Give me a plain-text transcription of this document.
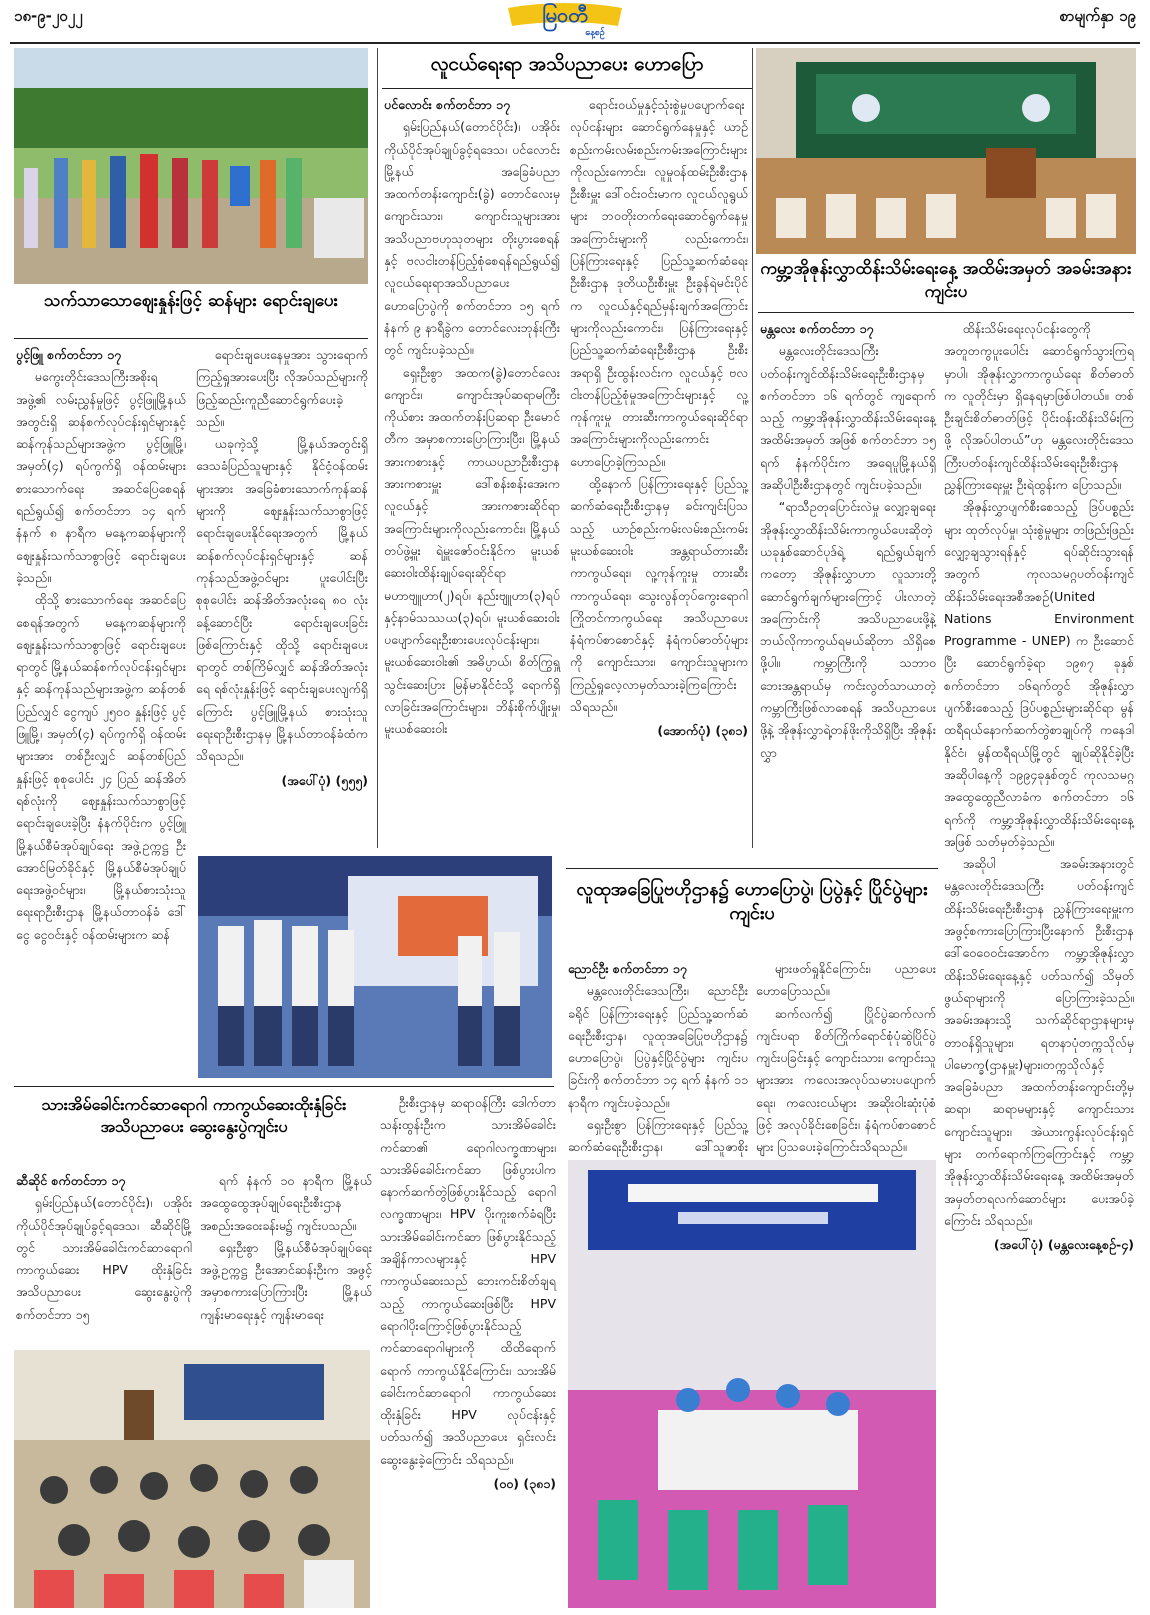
၁၈-၉-၂၀၂၂	မြဝတီ
နေ့စဉ်
စာမျက်နှာ ၁၉
သက်သာသောဈေးနှုန်းဖြင့် ဆန်များ ရောင်းချပေး

ပွင့်ဖြူ စက်တင်ဘာ ၁၇

မကွေးတိုင်းဒေသကြီးအစိုးရ အဖွဲ့၏ လမ်းညွှန်မှုဖြင့် ပွင့်ဖြူမြို့နယ်အတွင်းရှိ ဆန်စက်လုပ်ငန်းရှင်များနှင့် ဆန်ကုန်သည်များအဖွဲ့က ပွင့်ဖြူမြို့၊ အမှတ်(၄) ရပ်ကွက်ရှိ ဝန်ထမ်းများ စားသောက်ရေး အဆင်ပြေစေရန် ရည်ရွယ်၍ စက်တင်ဘာ ၁၄ ရက် နံနက် ၈ နာရီက မနေ့ကဆန်များကို ဈေးနှုန်းသက်သာစွာဖြင့် ရောင်းချပေးခဲ့သည်။

ထိုသို့ စားသောက်ရေး အဆင်ပြေစေရန်အတွက် မနေ့ကဆန်များကို ဈေးနှုန်းသက်သာစွာဖြင့် ရောင်းချပေးရာတွင် မြို့နယ်ဆန်စက်လုပ်ငန်းရှင်များနှင့် ဆန်ကုန်သည်များအဖွဲ့က ဆန်တစ်ပြည်လျှင် ငွေကျပ် ၂၅၀၀ နှုန်းဖြင့် ပွင့်ဖြူမြို့၊ အမှတ်(၄) ရပ်ကွက်ရှိ ဝန်ထမ်းများအား တစ်ဦးလျှင် ဆန်တစ်ပြည်နှုန်းဖြင့် စုစုပေါင်း ၂၄ ပြည် ဆန်အိတ် ရစ်လုံးကို ဈေးနှုန်းသက်သာစွာဖြင့် ရောင်းချပေးခဲ့ပြီး နံနက်ပိုင်းက ပွင့်ဖြူမြို့နယ်စီမံအုပ်ချုပ်ရေး အဖွဲ့ဥက္ကဋ္ဌ ဦးအောင်မြတ်ခိုင်နှင့် မြို့နယ်စီမံအုပ်ချုပ်ရေးအဖွဲ့ဝင်များ၊ မြို့နယ်စားသုံးသူရေးရာဦးစီးဌာန မြို့နယ်တာဝန်ခံ ဒေါ်ငွေ ငွေဝင်းနှင့် ဝန်ထမ်းများက ဆန်

ရောင်းချပေးနေမှုအား သွားရောက်ကြည့်ရှုအားပေးပြီး လိုအပ်သည်များကို ဖြည့်ဆည်းကူညီဆောင်ရွက်ပေးခဲ့သည်။

ယခုကဲ့သို့ မြို့နယ်အတွင်းရှိ ဒေသခံပြည်သူများနှင့် နိုင်ငံ့ဝန်ထမ်းများအား အခြေခံစားသောက်ကုန်ဆန်များကို ဈေးနှုန်းသက်သာစွာဖြင့် ရောင်းချပေးနိုင်ရေးအတွက် မြို့နယ်ဆန်စက်လုပ်ငန်းရှင်များနှင့် ဆန်ကုန်သည်အဖွဲ့ဝင်များ ပူးပေါင်းပြီး စုစုပေါင်း ဆန်အိတ်အလုံးရေ ၈၀ လုံး ခန့်ဆောင်ပြီး ရောင်းချပေးခြင်းဖြစ်ကြောင်းနှင့် ထိုသို့ ရောင်းချပေးရာတွင် တစ်ကြိမ်လျှင် ဆန်အိတ်အလုံးရေ ရစ်လုံးနှုန်းဖြင့် ရောင်းချပေးလျက်ရှိကြောင်း ပွင့်ဖြူမြို့နယ် စားသုံးသူရေးရာဦးစီးဌာနမှ မြို့နယ်တာဝန်ခံထံက သိရသည်။

(အပေါ်ပုံ) (၅၅၅)
လူငယ်ရေးရာ အသိပညာပေး ဟောပြော

ပင်လောင်း စက်တင်ဘာ ၁၇

ရှမ်းပြည်နယ်(တောင်ပိုင်း)၊ ပအိုဝ်းကိုယ်ပိုင်အုပ်ချုပ်ခွင့်ရဒေသ၊ ပင်လောင်းမြို့နယ် အခြေခံပညာ အထက်တန်းကျောင်း(ခွဲ) တောင်လေးမှ ကျောင်းသား၊ ကျောင်းသူများအား အသိပညာဗဟုသုတများ တိုးပွားစေရန်နှင့် ဗလငါးတန်ပြည့်စုံစေရန်ရည်ရွယ်၍ လူငယ်ရေးရာအသိပညာပေး ဟောပြောပွဲကို စက်တင်ဘာ ၁၅ ရက် နံနက် ၉ နာရီခွဲက တောင်လေးဘုန်းကြီးတွင် ကျင်းပခဲ့သည်။

ရှေးဦးစွာ အထက(ခွဲ)တောင်လေးကျောင်း၊ ကျောင်းအုပ်ဆရာမကြီးကိုယ်စား အထက်တန်းပြဆရာ ဦးမောင်တီက အမှာစကားပြောကြားပြီး၊ မြို့နယ်အားကစားနှင့် ကာယပညာဦးစီးဌာန အားကစားမှူး ဒေါ်စန်းစန်းအေးက လူငယ်နှင့် အားကစားဆိုင်ရာ အကြောင်းများကိုလည်းကောင်း၊ မြို့နယ်တပ်ဖွဲ့မှူး ရဲမှူးဇော်ဝင်းနိုင်က မူးယစ်ဆေးဝါးထိန်းချုပ်ရေးဆိုင်ရာ မဟာဗျူဟာ(၂)ရပ်၊ နည်းဗျူဟာ(၃)ရပ်နှင့်နာမ်သဿယ(၃)ရပ်၊ မူးယစ်ဆေးဝါးပပျောက်ရေးဦးစားပေးလုပ်ငန်းများ၊ မူးယစ်ဆေးဝါး၏ အဓိပ္ပာယ်၊ စိတ်ကြွရှူသွင်းဆေးပြား မြန်မာနိုင်ငံသို့ ရောက်ရှိလာခြင်းအကြောင်းများ၊ ဘိန်းစိုက်ပျိုးမှု၊ မူးယစ်ဆေးဝါး

ရောင်းဝယ်မှုနှင့်သုံးစွဲမှုပပျောက်ရေးလုပ်ငန်းများ ဆောင်ရွက်နေမှုနှင့် ယာဉ်စည်းကမ်းလမ်းစည်းကမ်းအကြောင်းများကိုလည်းကောင်း၊ လူမှုဝန်ထမ်းဦးစီးဌာန ဦးစီးမှူး ဒေါ်ဝင်းဝင်းမာက လူငယ်လူရွယ်များ ဘဝတိုးတက်ရေးဆောင်ရွက်နေမှုအကြောင်းများကို လည်းကောင်း၊ ပြန်ကြားရေးနှင့် ပြည်သူ့ဆက်ဆံရေးဦးစီးဌာန ဒုတိယဦးစီးမှူး ဦးခွန်ရဲမင်းပိုင်က လူငယ်နှင့်ရည်မှန်းချက်အကြောင်းများကိုလည်းကောင်း၊ ပြန်ကြားရေးနှင့် ပြည်သူ့ဆက်ဆံရေးဦးစီးဌာန ဦးစီးအရာရှိ ဦးထွန်းလင်းက လူငယ်နှင့် ဗလငါးတန်ပြည့်စုံမှုအကြောင်းများနှင့် လူ့ကုန်ကူးမှု တားဆီးကာကွယ်ရေးဆိုင်ရာ အကြောင်းများကိုလည်းကောင်း ဟောပြောခဲ့ကြသည်။

ထို့နောက် ပြန်ကြားရေးနှင့် ပြည်သူ့ဆက်ဆံရေးဦးစီးဌာနမှ ခင်းကျင်းပြသသည့် ယာဉ်စည်းကမ်းလမ်းစည်းကမ်းမူးယစ်ဆေးဝါး အန္တရာယ်တားဆီးကာကွယ်ရေး၊ လူ့ကုန်ကူးမှု တားဆီးကာကွယ်ရေး၊ သွေးလွန်တုပ်ကွေးရောဂါကြိုတင်ကာကွယ်ရေး အသိပညာပေး နံရံကပ်စာစောင်နှင့် နံရံကပ်ဓာတ်ပုံများကို ကျောင်းသား၊ ကျောင်းသူများက ကြည့်ရှုလေ့လာမှတ်သားခဲ့ကြကြောင်း သိရသည်။

(အောက်ပုံ) (၃၈၁)
ကမ္ဘာ့အိုဇုန်းလွှာထိန်းသိမ်းရေးနေ့ အထိမ်းအမှတ် အခမ်းအနား ကျင်းပ

မန္တလေး စက်တင်ဘာ ၁၇

မန္တလေးတိုင်းဒေသကြီး ပတ်ဝန်းကျင်ထိန်းသိမ်းရေးဦးစီးဌာနမှ စက်တင်ဘာ ၁၆ ရက်တွင် ကျရောက်သည့် ကမ္ဘာ့အိုဇုန်းလွှာထိန်းသိမ်းရေးနေ့ အထိမ်းအမှတ် အဖြစ် စက်တင်ဘာ ၁၅ ရက် နံနက်ပိုင်းက အရေပူမြို့နယ်ရှိ အဆိုပါဦးစီးဌာနတွင် ကျင်းပခဲ့သည်။

“ရာသီဥတုပြောင်းလဲမှု လျှော့ချရေး အိုဇုန်းလွှာထိန်းသိမ်းကာကွယ်ပေးဆိုတဲ့ ယခုနှစ်ဆောင်ပုဒ်ရဲ့ ရည်ရွယ်ချက်ကတော့ အိုဇုန်းလွှာဟာ လူသားတို့ ဆောင်ရွက်ချက်များကြောင့် ပါးလာတဲ့အကြောင်းကို အသိပညာပေးဖို့နဲ့ ဘယ်လိုကာကွယ်ရမယ်ဆိုတာ သိရှိစေဖို့ပါ။ ကမ္ဘာကြီးကို သဘာဝဘေးအန္တရာယ်မှ ကင်းလွတ်သာယာတဲ့ ကမ္ဘာကြီးဖြစ်လာစေရန် အသိပညာပေးဖို့နဲ့ အိုဇုန်းလွှာရဲ့တန်ဖိုးကိုသိရှိပြီး အိုဇုန်းလွှာ

ထိန်းသိမ်းရေးလုပ်ငန်းတွေကို အတူတကွပူးပေါင်း ဆောင်ရွက်သွားကြရမှာပါ၊ အိုဇုန်းလွှာကာကွယ်ရေး စိတ်ဓာတ်က လူတိုင်းမှာ ရှိနေရမှာဖြစ်ပါတယ်။ တစ်ဦးချင်းစိတ်ဓာတ်ဖြင့် ပိုင်းဝန်းထိန်းသိမ်းကြဖို့ လိုအပ်ပါတယ်”ဟု မန္တလေးတိုင်းဒေသကြီးပတ်ဝန်းကျင်ထိန်းသိမ်းရေးဦးစီးဌာန ညွှန်ကြားရေးမှူး ဦးရဲထွန်းက ပြောသည်။

အိုဇုန်းလွှာပျက်စီးစေသည့် ဒြပ်ပစ္စည်းများ ထုတ်လုပ်မှု၊ သုံးစွဲမှုများ တဖြည်းဖြည်းလျှော့ချသွားရန်နှင့် ရပ်ဆိုင်းသွားရန်အတွက် ကုလသမဂ္ဂပတ်ဝန်းကျင်ထိန်းသိမ်းရေးအစီအစဉ်(United Nations Environment Programme - UNEP) က ဦးဆောင်ပြီး ဆောင်ရွက်ခဲ့ရာ ၁၉၈၇ ခုနှစ် စက်တင်ဘာ ၁၆ရက်တွင် အိုဇုန်းလွှာပျက်စီးစေသည့် ဒြပ်ပစ္စည်းများဆိုင်ရာ မွန်ထရီရယ်နောက်ဆက်တွဲစာချုပ်ကို ကနေဒါနိုင်ငံ၊ မွန်ထရီရယ်မြို့တွင် ချုပ်ဆိုနိုင်ခဲ့ပြီး အဆိုပါနေ့ကို ၁၉၉၄ခုနှစ်တွင် ကုလသမဂ္ဂအထွေထွေညီလာခံက စက်တင်ဘာ ၁၆ ရက်ကို ကမ္ဘာ့အိုဇုန်းလွှာထိန်းသိမ်းရေးနေ့အဖြစ် သတ်မှတ်ခဲ့သည်။

အဆိုပါ အခမ်းအနားတွင် မန္တလေးတိုင်းဒေသကြီး ပတ်ဝန်းကျင် ထိန်းသိမ်းရေးဦးစီးဌာန ညွှန်ကြားရေးမှူးက အဖွင့်စကားပြောကြားပြီးနောက် ဦးစီးဌာန ဒေါ်ဝေဝေဝင်းအောင်က ကမ္ဘာ့အိုဇုန်းလွှာထိန်းသိမ်းရေးနေ့နှင့် ပတ်သက်၍ သိမှတ်ဖွယ်ရာများကို ပြောကြားခဲ့သည်။ အခမ်းအနားသို့ သက်ဆိုင်ရာဌာနများမှ တာဝန်ရှိသူများ၊ ရတနာပုံတက္ကသိုလ်မှ ပါမောက္ခ(ဌာနမှူး)များ၊တက္ကသိုလ်နှင့် အခြေခံပညာ အထက်တန်းကျောင်းတို့မှ ဆရာ၊ ဆရာမများနှင့် ကျောင်းသား ကျောင်းသူများ၊ အဲယားကွန်းလုပ်ငန်းရှင်များ တက်ရောက်ကြကြောင်းနှင့် ကမ္ဘာ့အိုဇုန်းလွှာထိန်းသိမ်းရေးနေ့ အထိမ်းအမှတ် အမှတ်တရလက်ဆောင်များ ပေးအပ်ခဲ့ကြောင်း သိရသည်။

(အပေါ်ပုံ) (မန္တလေးနေ့စဉ်-၄)
လူထုအခြေပြုဗဟိုဌာန၌ ဟောပြောပွဲ၊ ပြပွဲနှင့် ပြိုင်ပွဲများ ကျင်းပ

ညောင်ဦး စက်တင်ဘာ ၁၇

မန္တလေးတိုင်းဒေသကြီး၊ ညောင်ဦးခရိုင် ပြန်ကြားရေးနှင့် ပြည်သူ့ဆက်ဆံရေးဦးစီးဌာန၊ လူထုအခြေပြုဗဟိုဌာန၌ ဟောပြောပွဲ၊ ပြပွဲနှင့်ပြိုင်ပွဲများ ကျင်းပခြင်းကို စက်တင်ဘာ ၁၄ ရက် နံနက် ၁၁ နာရီက ကျင်းပခဲ့သည်။

ရှေးဦးစွာ ပြန်ကြားရေးနှင့် ပြည်သူ့ဆက်ဆံရေးဦးစီးဌာန၊ ဒေါ်သူဇာစိုး

များဖတ်ရှုနိုင်ကြောင်း၊ ပညာပေး ဟောပြောသည်။

ဆက်လက်၍ ပြိုင်ပွဲဆက်လက်ကျင်းပရာ စိတ်ကြိုက်ရောင်စုံပုံဆွဲပြိုင်ပွဲကျင်းပခြင်းနှင့် ကျောင်းသား၊ ကျောင်းသူများအား ကလေးအလုပ်သမားပပျောက်ရေး၊ ကလေးငယ်များ အဆိုးဝါးဆုံးပုံစံဖြင့် အလုပ်ခိုင်းစေခြင်း၊ နံရံကပ်စာစောင်များ ပြသပေးခဲ့ကြောင်းသိရသည်။

သားအိမ်ခေါင်းကင်ဆာရောဂါ ကာကွယ်ဆေးထိုးနှံခြင်း အသိပညာပေး ဆွေးနွေးပွဲကျင်းပ

ဆီဆိုင် စက်တင်ဘာ ၁၇

ရှမ်းပြည်နယ်(တောင်ပိုင်း)၊ ပအိုဝ်းကိုယ်ပိုင်အုပ်ချုပ်ခွင့်ရဒေသ၊ ဆီဆိုင်မြို့တွင် သားအိမ်ခေါင်းကင်ဆာရောဂါ ကာကွယ်ဆေး HPV ထိုးနှံခြင်း အသိပညာပေး ဆွေးနွေးပွဲကို စက်တင်ဘာ ၁၅

ရက် နံနက် ၁၀ နာရီက မြို့နယ် အထွေထွေအုပ်ချုပ်ရေးဦးစီးဌာန အစည်းအဝေးခန်းမ၌ ကျင်းပသည်။

ရှေးဦးစွာ မြို့နယ်စီမံအုပ်ချုပ်ရေးအဖွဲ့ဥက္ကဋ္ဌ ဦးအောင်ဆန်းဦးက အဖွင့်အမှာစကားပြောကြားပြီး မြို့နယ်ကျန်းမာရေးနှင့် ကျန်းမာရေး

ဦးစီးဌာနမှ ဆရာဝန်ကြီး ဒေါက်တာ သန်းထွန်းဦးက သားအိမ်ခေါင်းကင်ဆာ၏ ရောဂါလက္ခဏာများ၊ သားအိမ်ခေါင်းကင်ဆာ ဖြစ်ပွားပါက နောက်ဆက်တွဲဖြစ်ပွားနိုင်သည့် ရောဂါလက္ခဏာများ၊ HPV ပိုးကူးစက်ခံရပြီး သားအိမ်ခေါင်းကင်ဆာ ဖြစ်ပွားနိုင်သည့် အချိန်ကာလများနှင့် HPV ကာကွယ်ဆေးသည် ဘေးကင်းစိတ်ချရသည့် ကာကွယ်ဆေးဖြစ်ပြီး HPV ရောဂါပိုးကြောင့်ဖြစ်ပွားနိုင်သည့် ကင်ဆာရောဂါများကို ထိထိရောက်ရောက် ကာကွယ်နိုင်ကြောင်း၊ သားအိမ်ခေါင်းကင်ဆာရောဂါ ကာကွယ်ဆေး ထိုးနှံခြင်း HPV လုပ်ငန်းနှင့်ပတ်သက်၍ အသိပညာပေး ရှင်းလင်းဆွေးနွေးခဲ့ကြောင်း သိရသည်။

(ဝဝ) (၃၈၁)
